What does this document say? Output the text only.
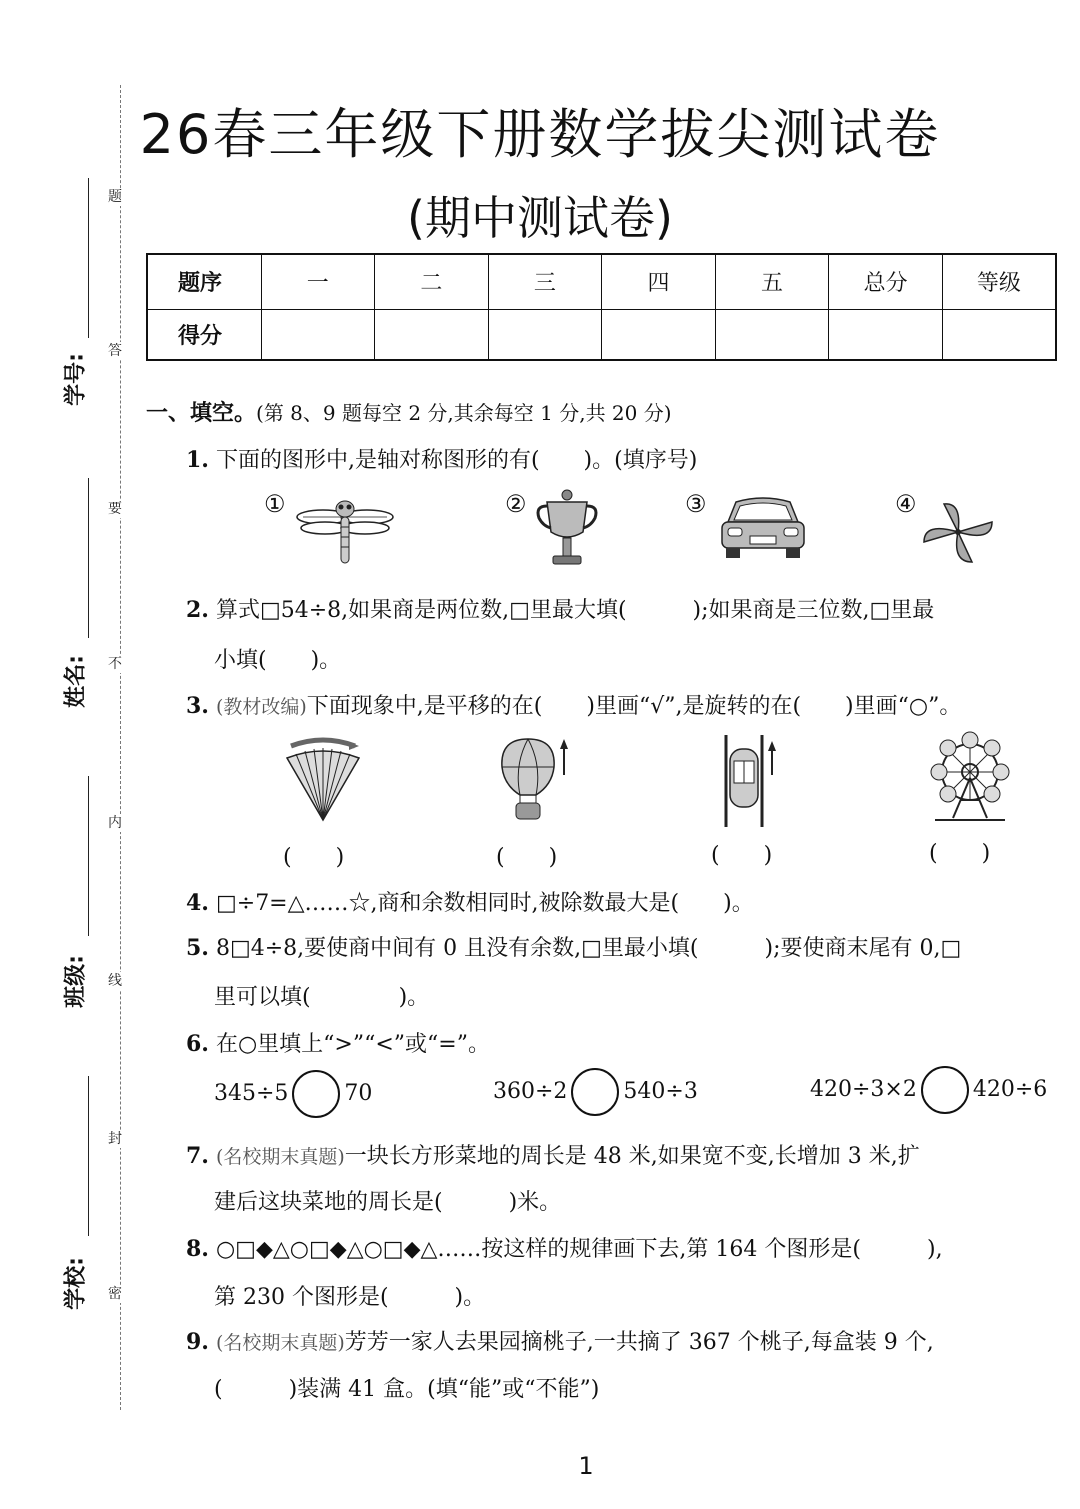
题
答
要
不
内
线
封
密
学号:
姓名:
班级:
学校:
26春三年级下册数学拔尖测试卷
(期中测试卷)
题序	一	二	三	四	五	总分	等级
得分							
一、填空。(第 8、9 题每空 2 分,其余每空 1 分,共 20 分)
1. 下面的图形中,是轴对称图形的有(　　)。(填序号)
①	②	③	④
2. 算式□54÷8,如果商是两位数,□里最大填(　　　);如果商是三位数,□里最
小填(　　)。
3. (教材改编)下面现象中,是平移的在(　　)里画“√”,是旋转的在(　　)里画“○”。
(　　)	(　　)	(　　)	(　　)
4. □÷7=△……☆,商和余数相同时,被除数最大是(　　)。
5. 8□4÷8,要使商中间有 0 且没有余数,□里最小填(　　　);要使商末尾有 0,□
里可以填(　　　　)。
6. 在○里填上“>”“<”或“=”。
345÷5	70	360÷2	540÷3	420÷3×2	420÷6
7. (名校期末真题)一块长方形菜地的周长是 48 米,如果宽不变,长增加 3 米,扩
建后这块菜地的周长是(　　　)米。
8. ○□◆△○□◆△○□◆△……按这样的规律画下去,第 164 个图形是(　　　),
第 230 个图形是(　　　)。
9. (名校期末真题)芳芳一家人去果园摘桃子,一共摘了 367 个桃子,每盒装 9 个,
(　　　)装满 41 盒。(填“能”或“不能”)
1
